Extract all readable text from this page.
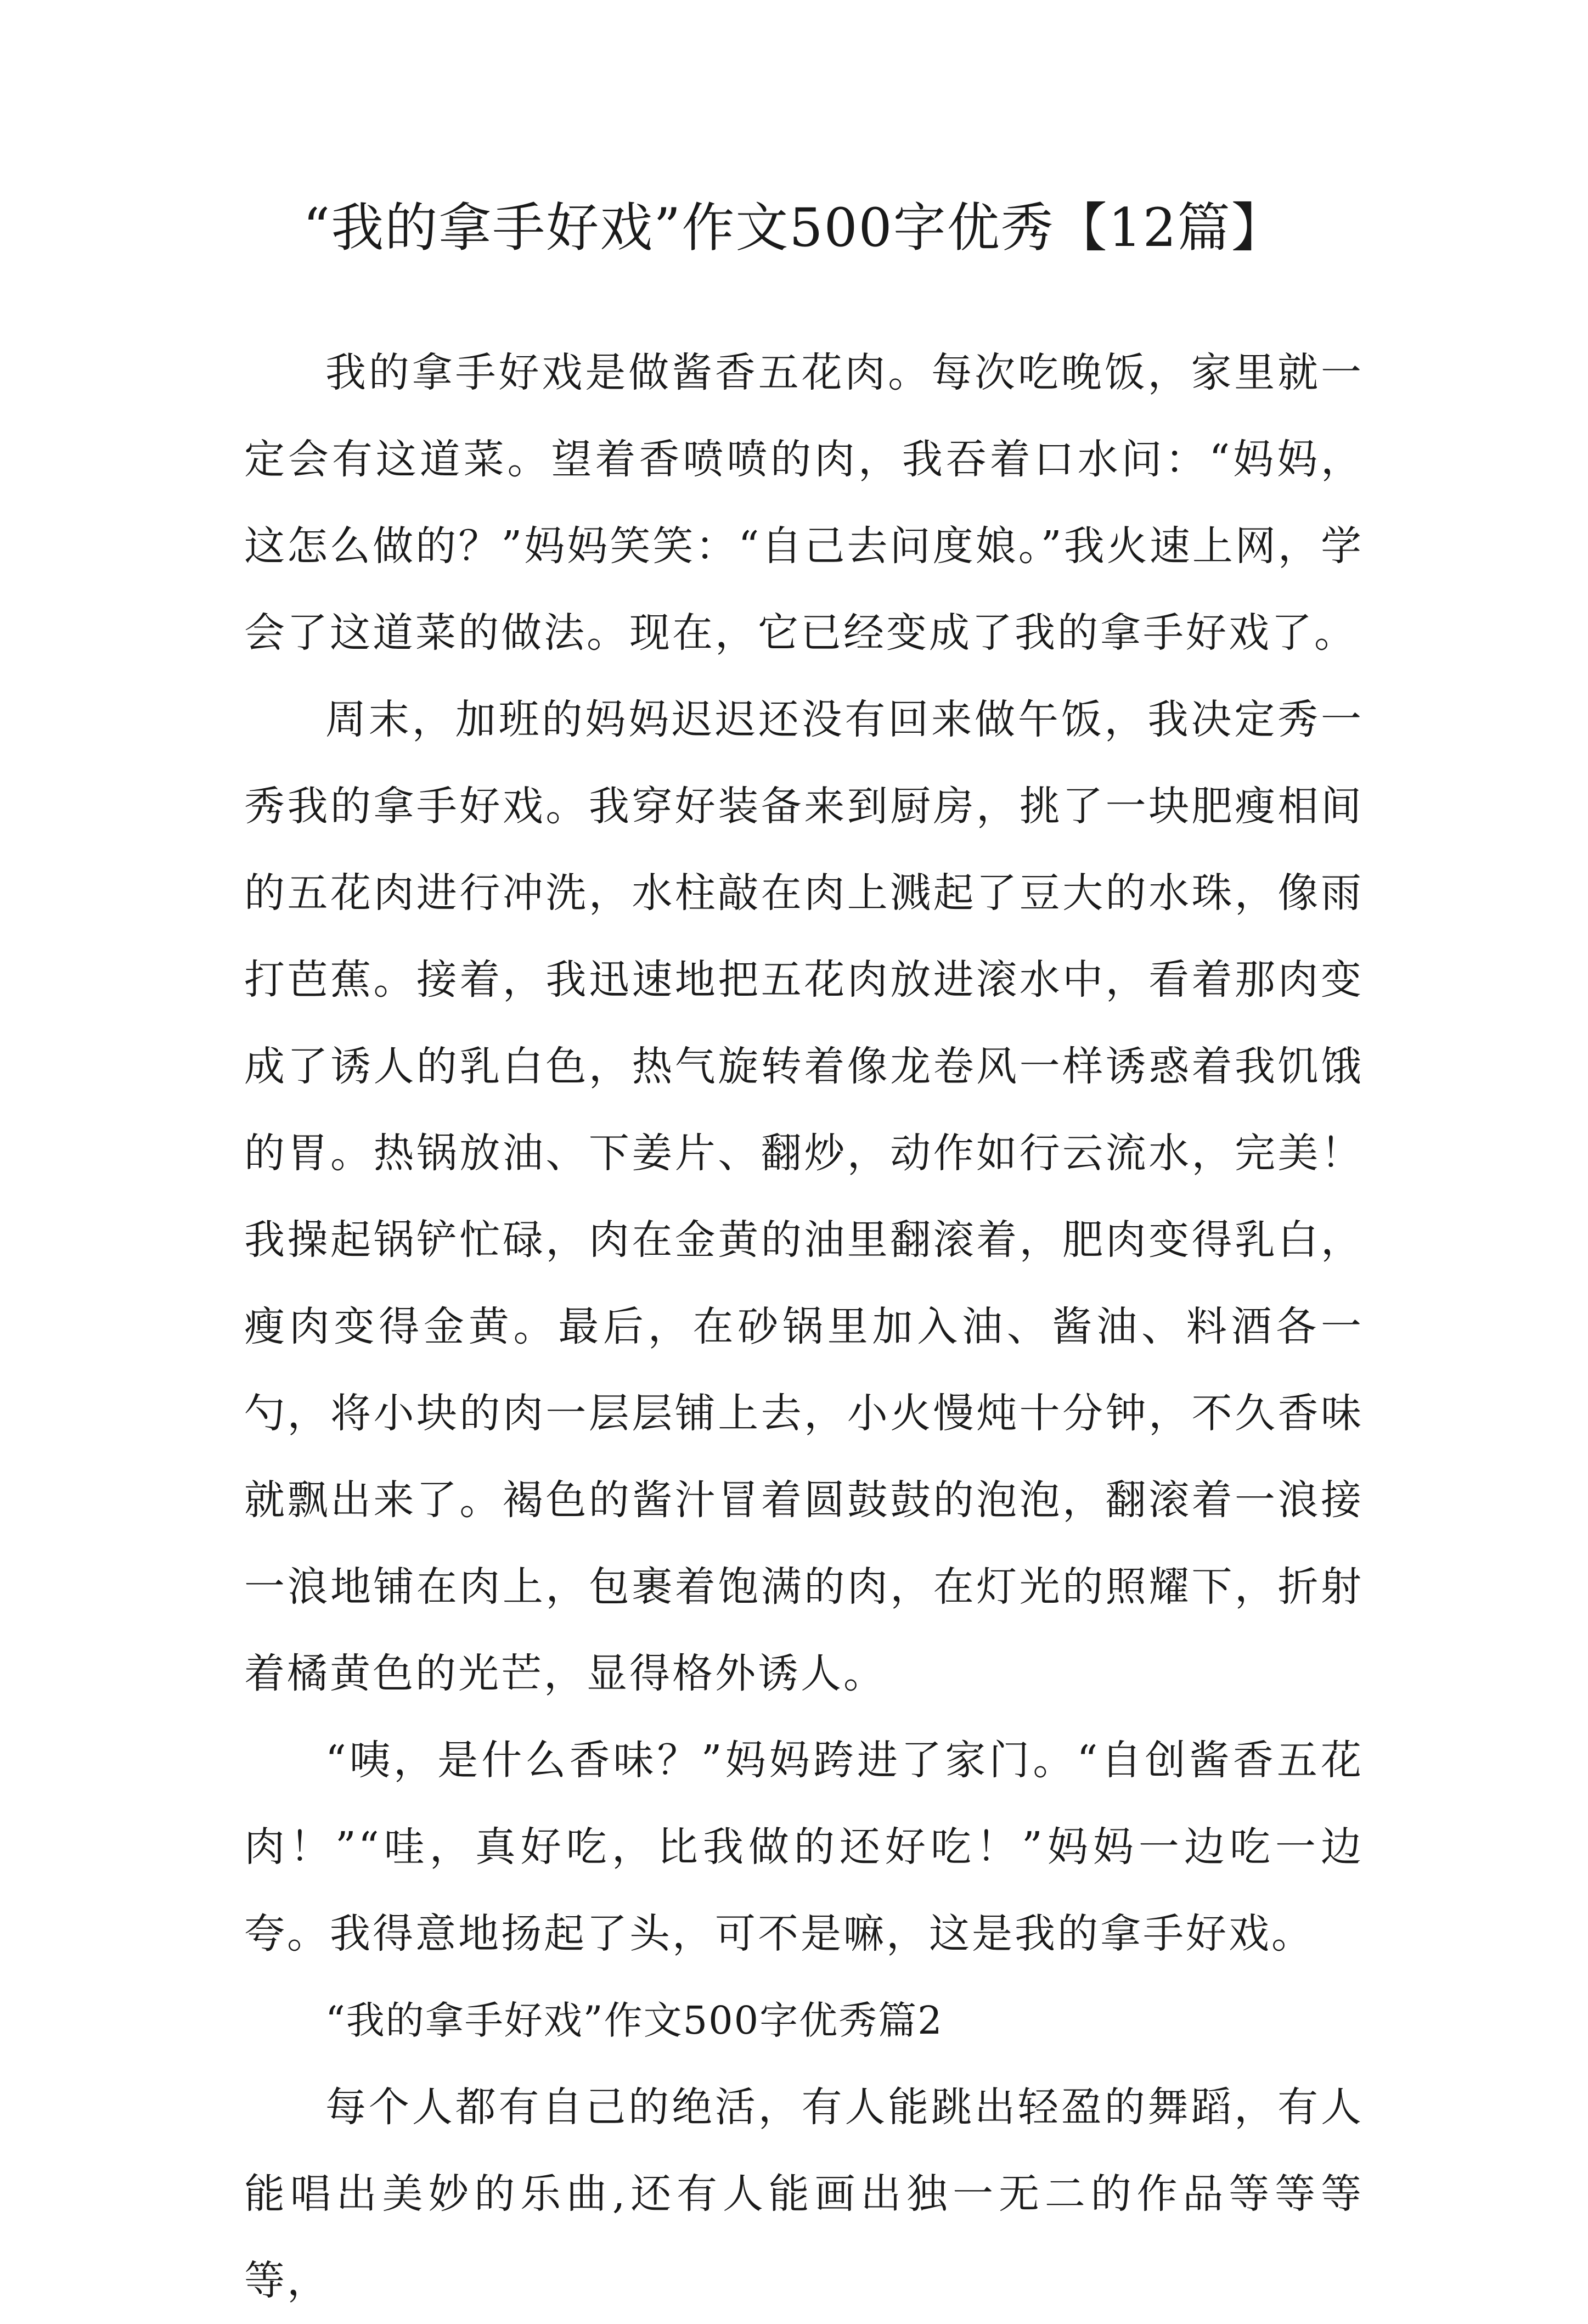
“我的拿手好戏”作文500字优秀【12篇】

我的拿手好戏是做酱香五花肉。每次吃晚饭，家里就一定会有这道菜。望着香喷喷的肉，我吞着口水问：“妈妈，这怎么做的？”妈妈笑笑：“自己去问度娘。”我火速上网，学会了这道菜的做法。现在，它已经变成了我的拿手好戏了。

周末，加班的妈妈迟迟还没有回来做午饭，我决定秀一秀我的拿手好戏。我穿好装备来到厨房，挑了一块肥瘦相间的五花肉进行冲洗，水柱敲在肉上溅起了豆大的水珠，像雨打芭蕉。接着，我迅速地把五花肉放进滚水中，看着那肉变成了诱人的乳白色，热气旋转着像龙卷风一样诱惑着我饥饿的胃。热锅放油、下姜片、翻炒，动作如行云流水，完美！我操起锅铲忙碌，肉在金黄的油里翻滚着，肥肉变得乳白，瘦肉变得金黄。最后，在砂锅里加入油、酱油、料酒各一勺，将小块的肉一层层铺上去，小火慢炖十分钟，不久香味就飘出来了。褐色的酱汁冒着圆鼓鼓的泡泡，翻滚着一浪接一浪地铺在肉上，包裹着饱满的肉，在灯光的照耀下，折射着橘黄色的光芒，显得格外诱人。

“咦，是什么香味？”妈妈跨进了家门。“自创酱香五花肉！”“哇，真好吃，比我做的还好吃！”妈妈一边吃一边夸。我得意地扬起了头，可不是嘛，这是我的拿手好戏。

“我的拿手好戏”作文500字优秀篇2

每个人都有自己的绝活，有人能跳出轻盈的舞蹈，有人能唱出美妙的乐曲,还有人能画出独一无二的作品等等等等，
